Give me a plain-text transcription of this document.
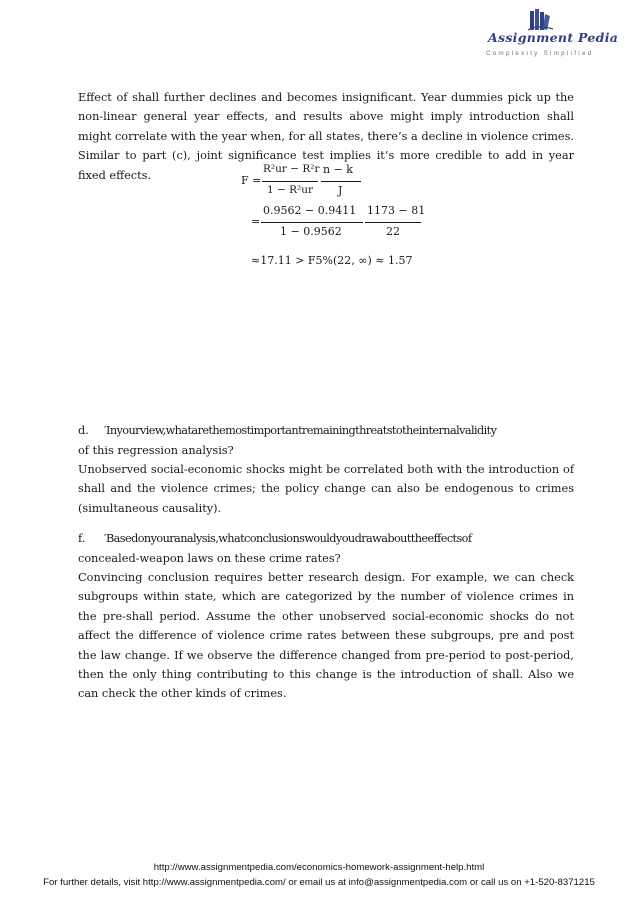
Assignment Pedia
Complexity Simplified

Effect of shall further declines and becomes insignificant. Year dummies pick up the non-linear general year effects, and results above might imply introduction shall might correlate with the year when, for all states, there’s a decline in violence crimes. Similar to part (c), joint significance test implies it’s more credible to add in year fixed effects.	F =
R²ur − R²r
1 − R²ur
n − k
J
=
0.9562 − 0.9411
1 − 0.9562
1173 − 81
22
≈17.11 > F5%(22, ∞) ≈ 1.57
d. ′Inyourview,whatarethemostimportantremainingthreatstotheinternalvalidity

of this regression analysis?

Unobserved social-economic shocks might be correlated both with the introduction of shall and the violence crimes; the policy change can also be endogenous to crimes (simultaneous causality).

f. ′Basedonyouranalysis,whatconclusionswouldyoudrawabouttheeffectsof

concealed-weapon laws on these crime rates?

Convincing conclusion requires better research design. For example, we can check subgroups within state, which are categorized by the number of violence crimes in the pre-shall period. Assume the other unobserved social-economic shocks do not affect the difference of violence crime rates between these subgroups, pre and post the law change. If we observe the difference changed from pre-period to post-period, then the only thing contributing to this change is the introduction of shall. Also we can check the other kinds of crimes.

http://www.assignmentpedia.com/economics-homework-assignment-help.html
For further details, visit http://www.assignmentpedia.com/ or email us at info@assignmentpedia.com or call us on +1-520-8371215
